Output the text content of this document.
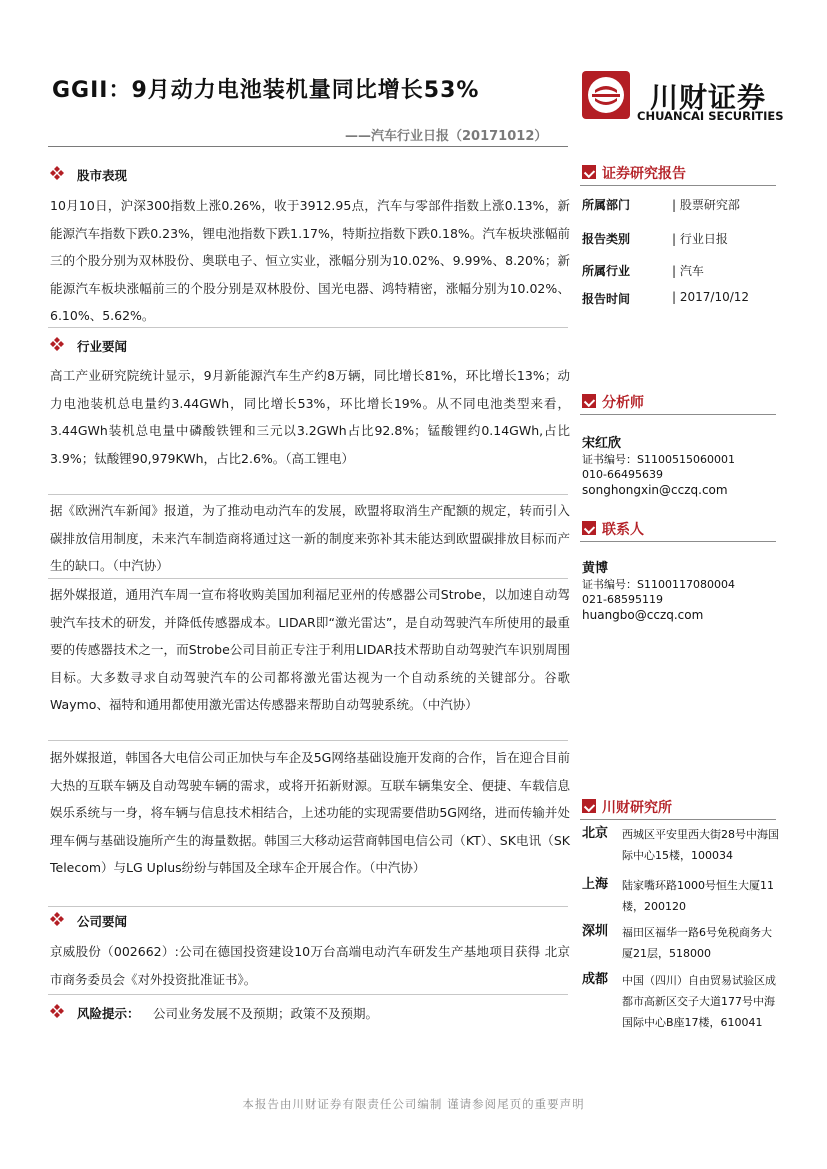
GGII：9月动力电池装机量同比增长53%
——汽车行业日报（20171012）
川财证券
CHUANCAI SECURITIES
股市表现

10月10日，沪深300指数上涨0.26%，收于3912.95点，汽车与零部件指数上涨0.13%，新能源汽车指数下跌0.23%，锂电池指数下跌1.17%，特斯拉指数下跌0.18%。汽车板块涨幅前三的个股分别为双林股份、奥联电子、恒立实业，涨幅分别为10.02%、9.99%、8.20%；新能源汽车板块涨幅前三的个股分别是双林股份、国光电器、鸿特精密，涨幅分别为10.02%、6.10%、5.62%。

行业要闻

高工产业研究院统计显示，9月新能源汽车生产约8万辆，同比增长81%，环比增长13%；动力电池装机总电量约3.44GWh，同比增长53%，环比增长19%。从不同电池类型来看，3.44GWh装机总电量中磷酸铁锂和三元以3.2GWh占比92.8%；锰酸锂约0.14GWh,占比3.9%；钛酸锂90,979KWh，占比2.6%。（高工锂电）

据《欧洲汽车新闻》报道，为了推动电动汽车的发展，欧盟将取消生产配额的规定，转而引入碳排放信用制度，未来汽车制造商将通过这一新的制度来弥补其未能达到欧盟碳排放目标而产生的缺口。（中汽协）

据外媒报道，通用汽车周一宣布将收购美国加利福尼亚州的传感器公司Strobe，以加速自动驾驶汽车技术的研发，并降低传感器成本。LIDAR即“激光雷达”，是自动驾驶汽车所使用的最重要的传感器技术之一，而Strobe公司目前正专注于利用LIDAR技术帮助自动驾驶汽车识别周围目标。大多数寻求自动驾驶汽车的公司都将激光雷达视为一个自动系统的关键部分。谷歌Waymo、福特和通用都使用激光雷达传感器来帮助自动驾驶系统。（中汽协）

据外媒报道，韩国各大电信公司正加快与车企及5G网络基础设施开发商的合作，旨在迎合目前大热的互联车辆及自动驾驶车辆的需求，或将开拓新财源。互联车辆集安全、便捷、车载信息娱乐系统与一身，将车辆与信息技术相结合，上述功能的实现需要借助5G网络，进而传输并处理车俩与基础设施所产生的海量数据。韩国三大移动运营商韩国电信公司（KT）、SK电讯（SK Telecom）与LG Uplus纷纷与韩国及全球车企开展合作。（中汽协）

公司要闻

京威股份（002662）:公司在德国投资建设10万台高端电动汽车研发生产基地项目获得 北京市商务委员会《对外投资批准证书》。

风险提示： 公司业务发展不及预期；政策不及预期。
证券研究报告
所属部门	| 股票研究部
报告类别	| 行业日报
所属行业	| 汽车
报告时间	| 2017/10/12
分析师
宋红欣
证书编号：S1100515060001
010-66495639
songhongxin@cczq.com
联系人
黄博
证书编号：S1100117080004
021-68595119
huangbo@cczq.com
川财研究所
北京 西城区平安里西大街28号中海国际中心15楼，100034
上海 陆家嘴环路1000号恒生大厦11楼，200120
深圳 福田区福华一路6号免税商务大厦21层，518000
成都 中国（四川）自由贸易试验区成都市高新区交子大道177号中海国际中心B座17楼，610041
本报告由川财证券有限责任公司编制 谨请参阅尾页的重要声明
